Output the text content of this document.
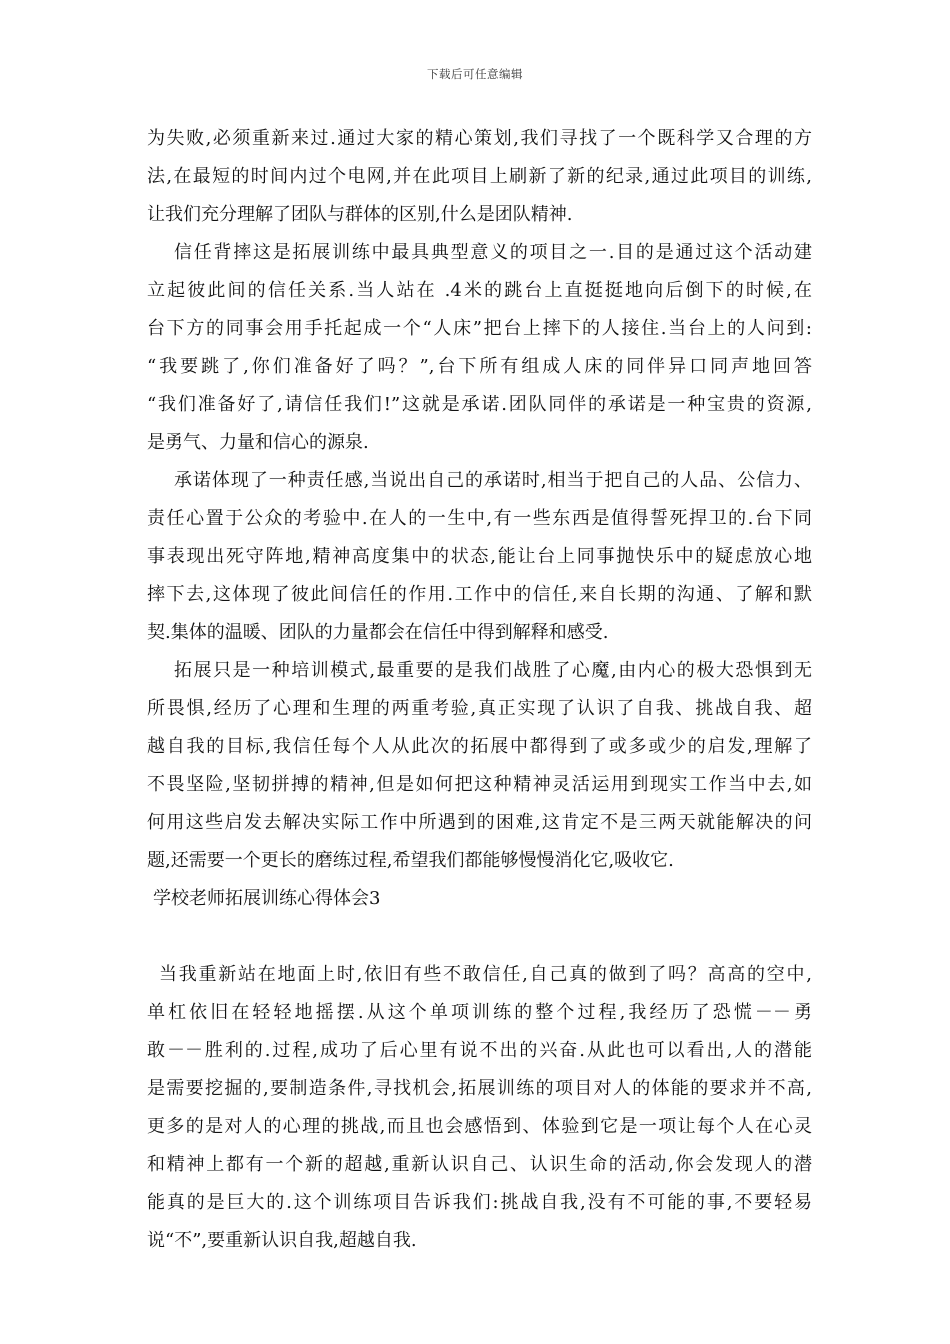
下载后可任意编辑
为失败,必须重新来过.通过大家的精心策划,我们寻找了一个既科学又合理的方
法,在最短的时间内过个电网,并在此项目上刷新了新的纪录,通过此项目的训练,
让我们充分理解了团队与群体的区别,什么是团队精神.
信任背摔这是拓展训练中最具典型意义的项目之一.目的是通过这个活动建
立起彼此间的信任关系.当人站在 .4米的跳台上直挺挺地向后倒下的时候,在
台下方的同事会用手托起成一个“人床”把台上摔下的人接住.当台上的人问到:
“我要跳了,你们准备好了吗？”,台下所有组成人床的同伴异口同声地回答
“我们准备好了,请信任我们!”这就是承诺.团队同伴的承诺是一种宝贵的资源,
是勇气、力量和信心的源泉.
承诺体现了一种责任感,当说出自己的承诺时,相当于把自己的人品、公信力、
责任心置于公众的考验中.在人的一生中,有一些东西是值得誓死捍卫的.台下同
事表现出死守阵地,精神高度集中的状态,能让台上同事抛快乐中的疑虑放心地
摔下去,这体现了彼此间信任的作用.工作中的信任,来自长期的沟通、了解和默
契.集体的温暖、团队的力量都会在信任中得到解释和感受.
拓展只是一种培训模式,最重要的是我们战胜了心魔,由内心的极大恐惧到无
所畏惧,经历了心理和生理的两重考验,真正实现了认识了自我、挑战自我、超
越自我的目标,我信任每个人从此次的拓展中都得到了或多或少的启发,理解了
不畏坚险,坚韧拼搏的精神,但是如何把这种精神灵活运用到现实工作当中去,如
何用这些启发去解决实际工作中所遇到的困难,这肯定不是三两天就能解决的问
题,还需要一个更长的磨练过程,希望我们都能够慢慢消化它,吸收它.
学校老师拓展训练心得体会3
当我重新站在地面上时,依旧有些不敢信任,自己真的做到了吗？高高的空中,
单杠依旧在轻轻地摇摆.从这个单项训练的整个过程,我经历了恐慌－－勇
敢－－胜利的.过程,成功了后心里有说不出的兴奋.从此也可以看出,人的潜能
是需要挖掘的,要制造条件,寻找机会,拓展训练的项目对人的体能的要求并不高,
更多的是对人的心理的挑战,而且也会感悟到、体验到它是一项让每个人在心灵
和精神上都有一个新的超越,重新认识自己、认识生命的活动,你会发现人的潜
能真的是巨大的.这个训练项目告诉我们:挑战自我,没有不可能的事,不要轻易
说“不”,要重新认识自我,超越自我.
